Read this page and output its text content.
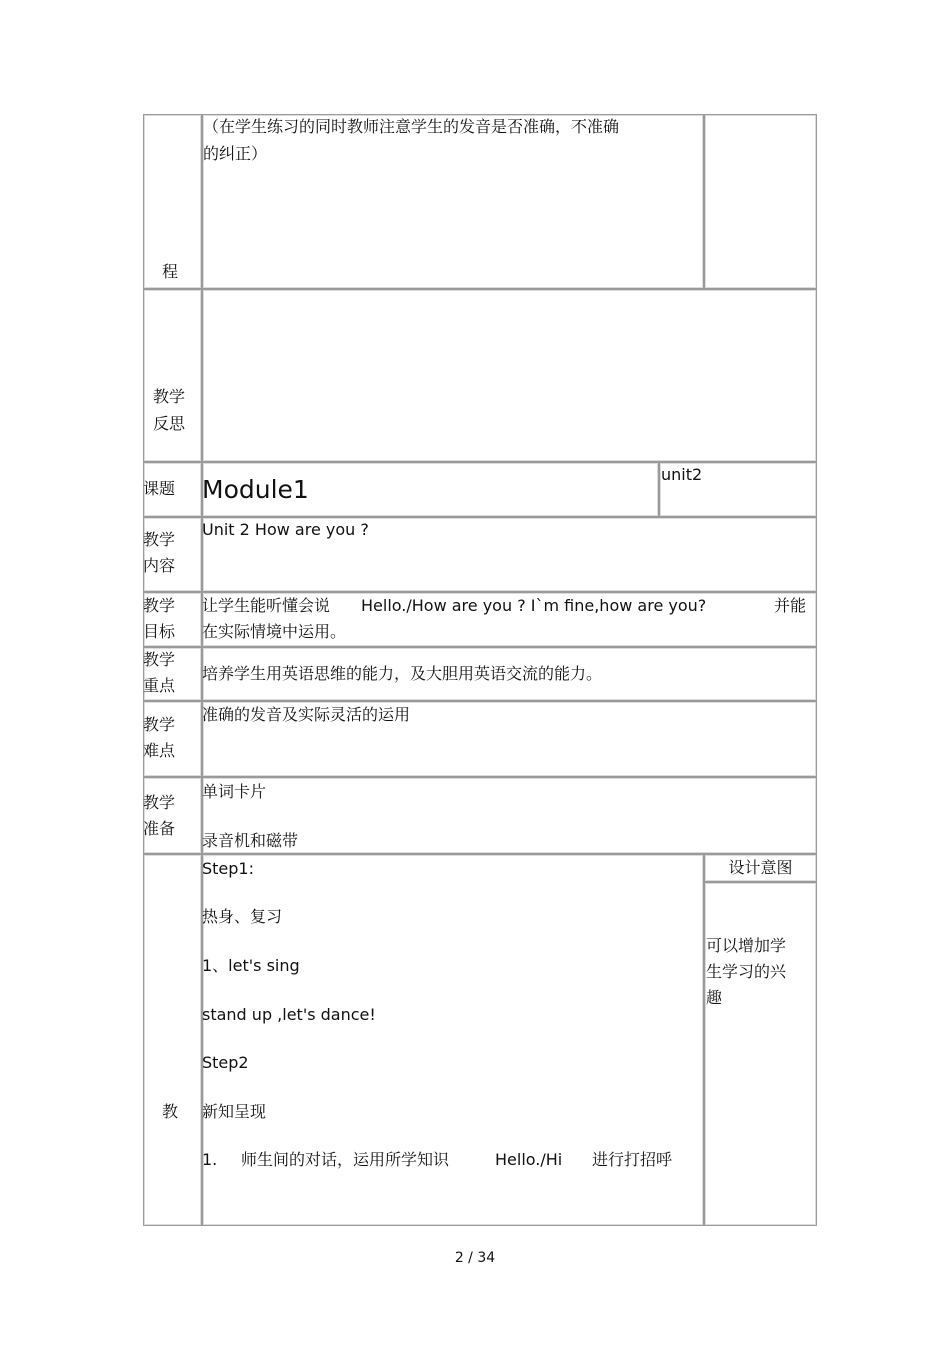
程
（在学生练习的同时教师注意学生的发音是否准确，不准确
的纠正）
教学
反思
课题 Module1
unit2
教学
内容
Unit 2 How are you ?
教学
目标
让学生能听懂会说 Hello./How are you ? I`m fine,how are you?	并能
在实际情境中运用。
教学
重点
培养学生用英语思维的能力，及大胆用英语交流的能力。
教学
难点
准确的发音及实际灵活的运用
教学
准备
单词卡片
录音机和磁带
教
Step1:
热身、复习
1、let's sing
stand up ,let's dance!
Step2
新知呈现
1. 师生间的对话，运用所学知识	Hello./Hi 进行打招呼
设计意图
可以增加学
生学习的兴
趣
2 / 34
